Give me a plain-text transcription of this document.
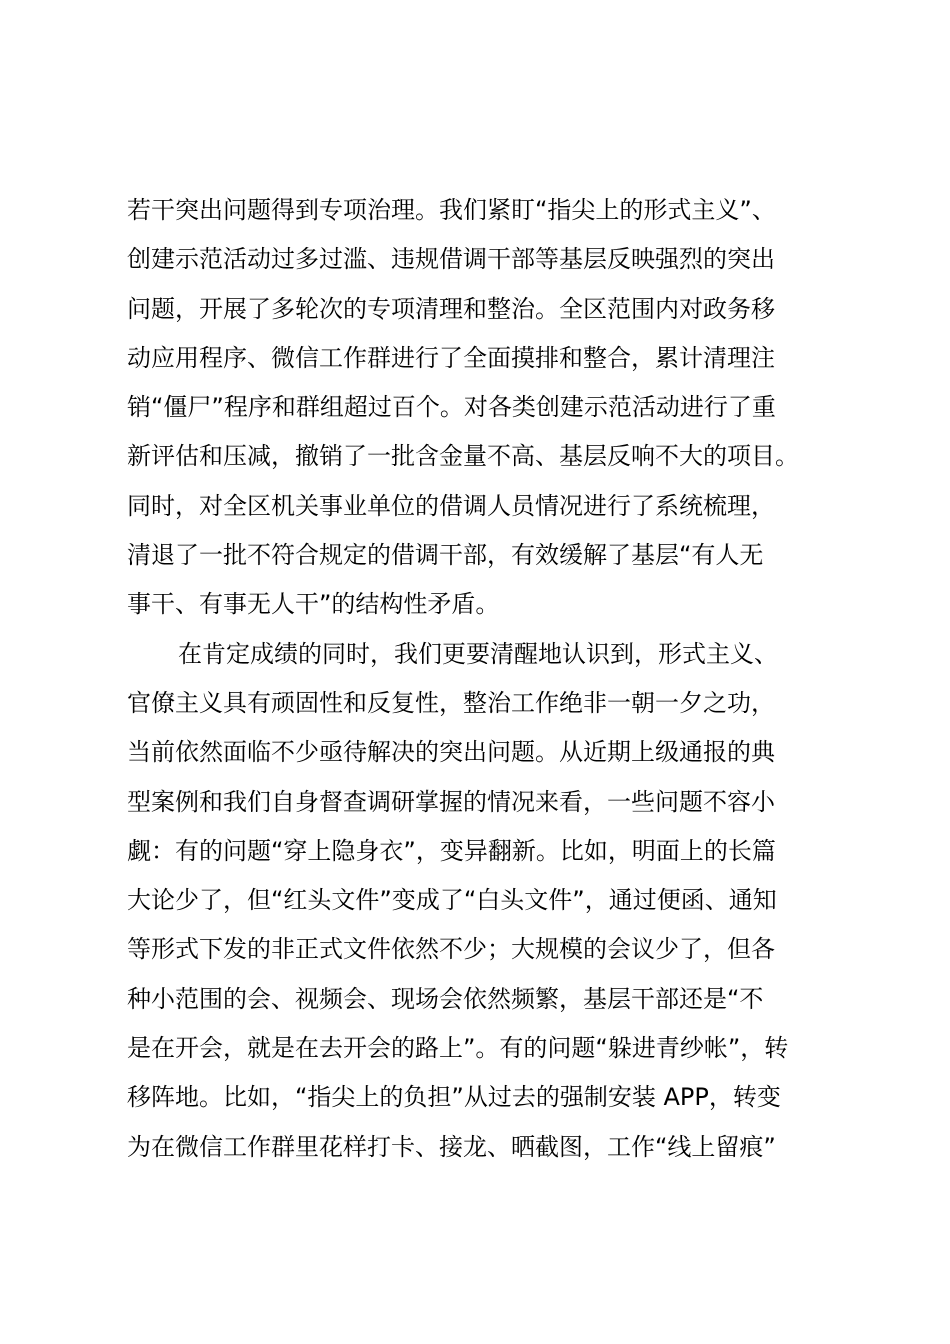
若干突出问题得到专项治理。我们紧盯“指尖上的形式主义”、
创建示范活动过多过滥、违规借调干部等基层反映强烈的突出
问题，开展了多轮次的专项清理和整治。全区范围内对政务移
动应用程序、微信工作群进行了全面摸排和整合，累计清理注
销“僵尸”程序和群组超过百个。对各类创建示范活动进行了重
新评估和压减，撤销了一批含金量不高、基层反响不大的项目。
同时，对全区机关事业单位的借调人员情况进行了系统梳理，
清退了一批不符合规定的借调干部，有效缓解了基层“有人无
事干、有事无人干”的结构性矛盾。
在肯定成绩的同时，我们更要清醒地认识到，形式主义、
官僚主义具有顽固性和反复性，整治工作绝非一朝一夕之功，
当前依然面临不少亟待解决的突出问题。从近期上级通报的典
型案例和我们自身督查调研掌握的情况来看，一些问题不容小
觑：有的问题“穿上隐身衣”，变异翻新。比如，明面上的长篇
大论少了，但“红头文件”变成了“白头文件”，通过便函、通知
等形式下发的非正式文件依然不少；大规模的会议少了，但各
种小范围的会、视频会、现场会依然频繁，基层干部还是“不
是在开会，就是在去开会的路上”。有的问题“躲进青纱帐”，转
移阵地。比如，“指尖上的负担”从过去的强制安装 APP，转变
为在微信工作群里花样打卡、接龙、晒截图，工作“线上留痕”
